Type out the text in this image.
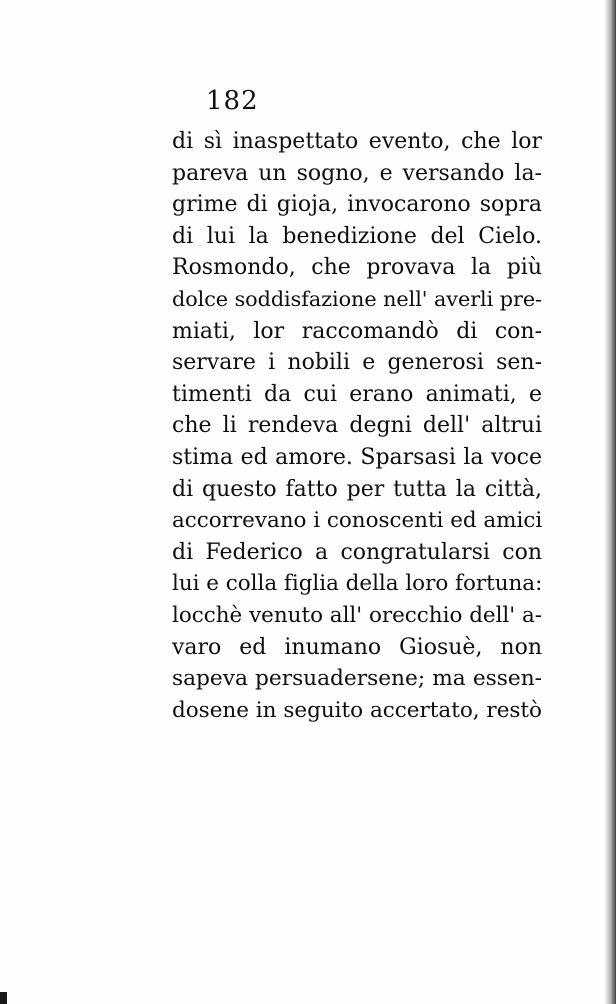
182
di sì inaspettato evento, che lor
pareva un sogno, e versando la-
grime di gioja, invocarono sopra
di lui la benedizione del Cielo.
Rosmondo, che provava la più
dolce soddisfazione nell' averli pre-
miati, lor raccomandò di con-
servare i nobili e generosi sen-
timenti da cui erano animati, e
che li rendeva degni dell' altrui
stima ed amore. Sparsasi la voce
di questo fatto per tutta la città,
accorrevano i conoscenti ed amici
di Federico a congratularsi con
lui e colla figlia della loro fortuna:
locchè venuto all' orecchio dell' a-
varo ed inumano Giosuè, non
sapeva persuadersene; ma essen-
dosene in seguito accertato, restò
